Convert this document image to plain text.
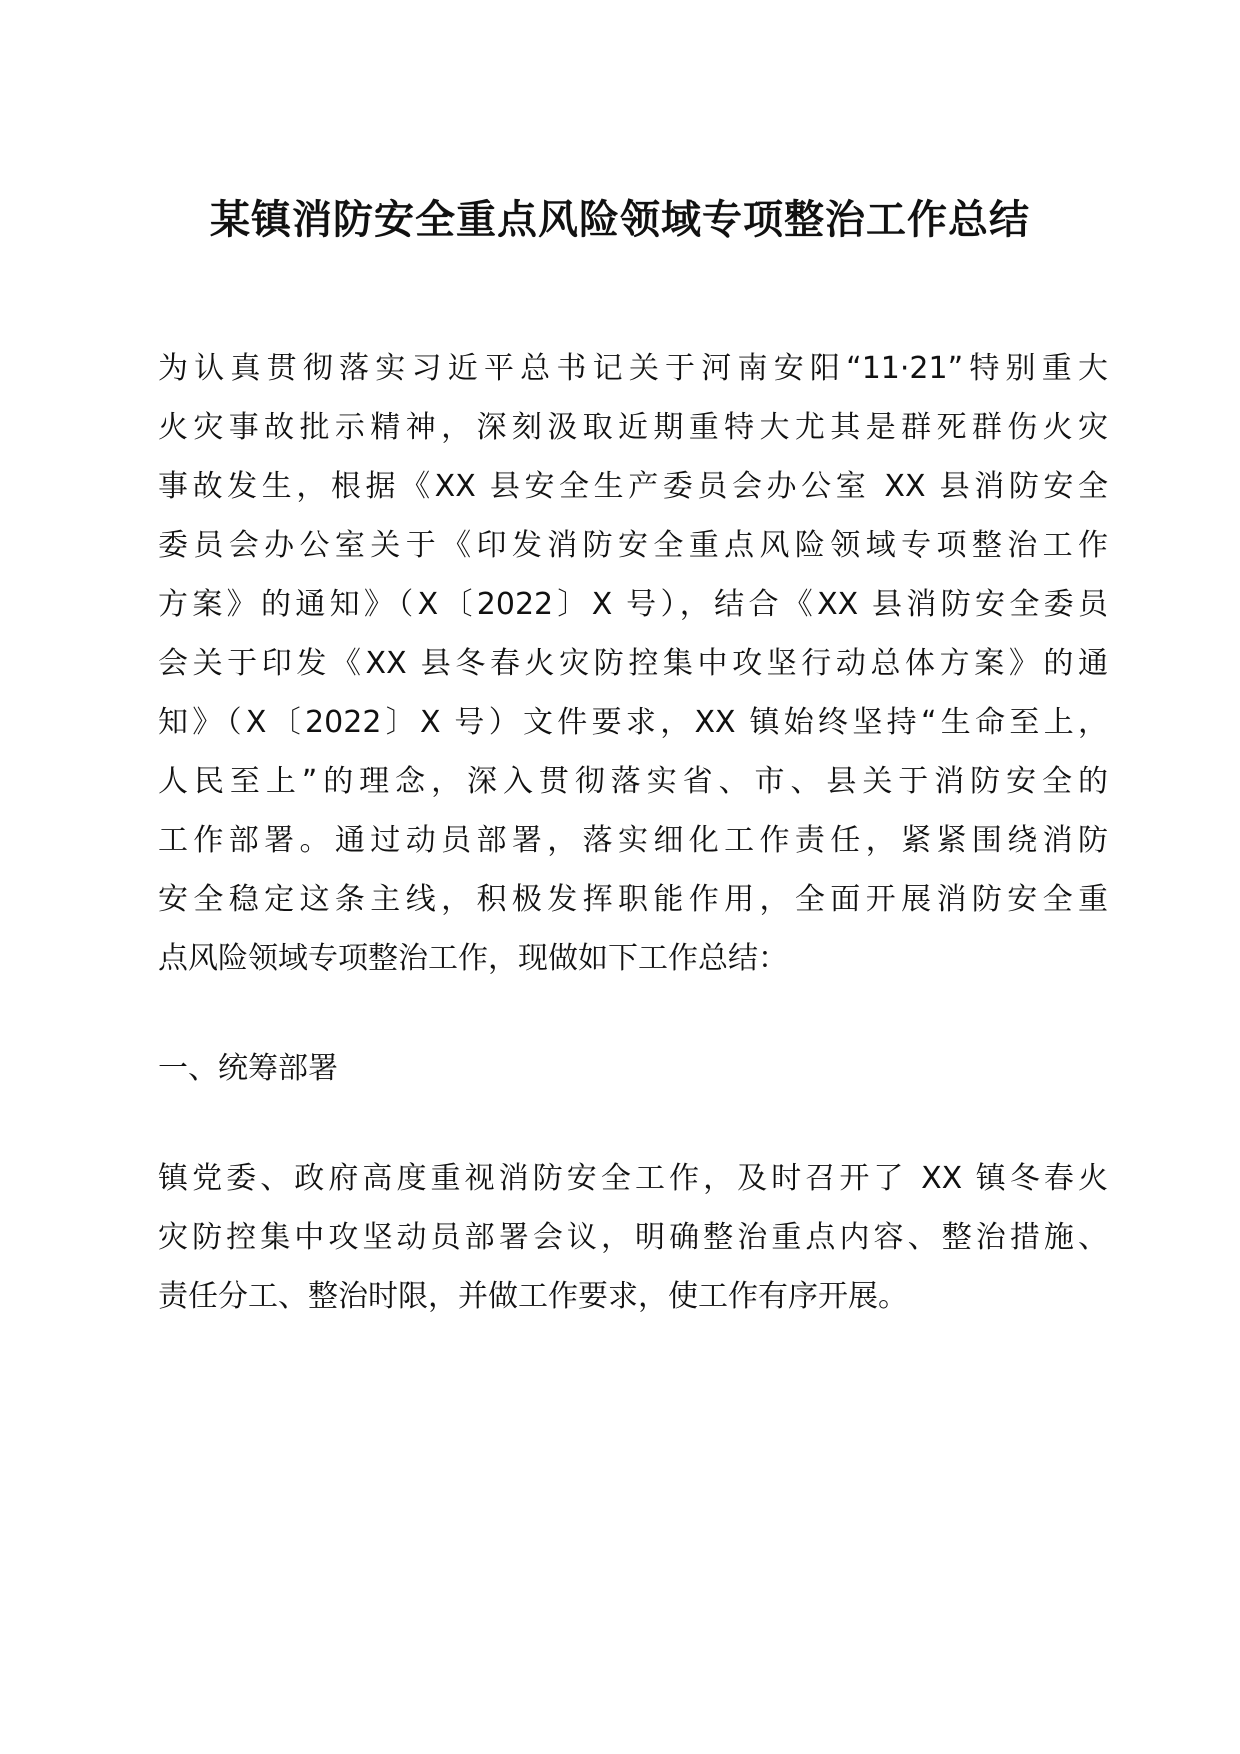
某镇消防安全重点风险领域专项整治工作总结
为认真贯彻落实习近平总书记关于河南安阳“11·21”特别重大
火灾事故批示精神，深刻汲取近期重特大尤其是群死群伤火灾
事故发生，根据《XX 县安全生产委员会办公室 XX 县消防安全
委员会办公室关于《印发消防安全重点风险领域专项整治工作
方案》的通知》（X〔2022〕X 号），结合《XX 县消防安全委员
会关于印发《XX 县冬春火灾防控集中攻坚行动总体方案》的通
知》（X〔2022〕X 号）文件要求，XX 镇始终坚持“生命至上，
人民至上”的理念，深入贯彻落实省、市、县关于消防安全的
工作部署。通过动员部署，落实细化工作责任，紧紧围绕消防
安全稳定这条主线，积极发挥职能作用，全面开展消防安全重
点风险领域专项整治工作，现做如下工作总结：
一、统筹部署
镇党委、政府高度重视消防安全工作，及时召开了 XX 镇冬春火
灾防控集中攻坚动员部署会议，明确整治重点内容、整治措施、
责任分工、整治时限，并做工作要求，使工作有序开展。
